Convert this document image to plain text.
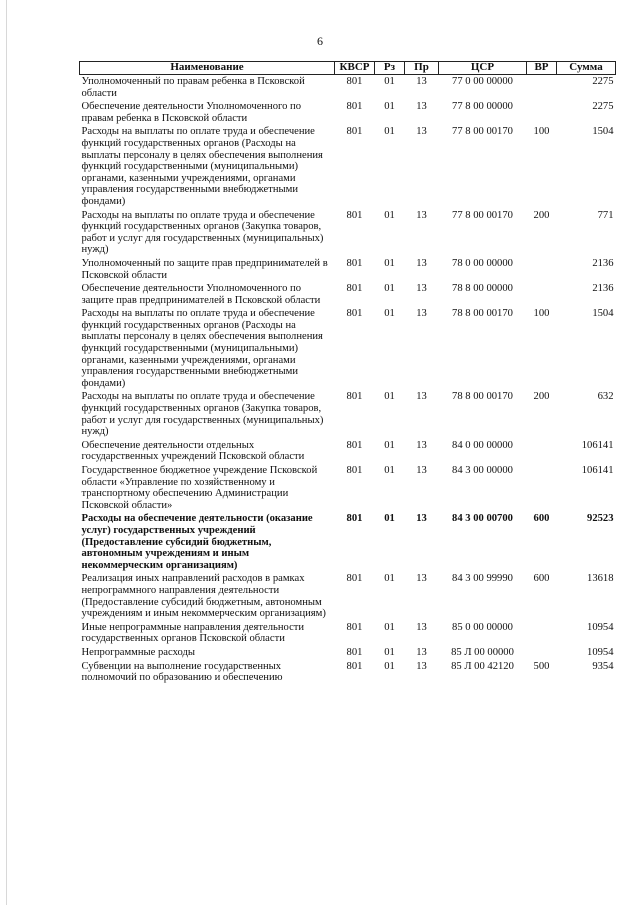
6
Наименование	КВСР	Рз	Пр	ЦСР	ВР	Сумма
Уполномоченный по правам ребенка в Псковской области	801	01	13	77 0 00 00000		2275
Обеспечение деятельности Уполномоченного по правам ребенка в Псковской области	801	01	13	77 8 00 00000		2275
Расходы на выплаты по оплате труда и обеспечение функций государственных органов (Расходы на выплаты персоналу в целях обеспечения выполнения функций государственными (муниципальными) органами, казенными учреждениями, органами управления государственными внебюджетными фондами)	801	01	13	77 8 00 00170	100	1504
Расходы на выплаты по оплате труда и обеспечение функций государственных органов (Закупка товаров, работ и услуг для государственных (муниципальных) нужд)	801	01	13	77 8 00 00170	200	771
Уполномоченный по защите прав предпринимателей в Псковской области	801	01	13	78 0 00 00000		2136
Обеспечение деятельности Уполномоченного по защите прав предпринимателей в Псковской области	801	01	13	78 8 00 00000		2136
Расходы на выплаты по оплате труда и обеспечение функций государственных органов (Расходы на выплаты персоналу в целях обеспечения выполнения функций государственными (муниципальными) органами, казенными учреждениями, органами управления государственными внебюджетными фондами)	801	01	13	78 8 00 00170	100	1504
Расходы на выплаты по оплате труда и обеспечение функций государственных органов (Закупка товаров, работ и услуг для государственных (муниципальных) нужд)	801	01	13	78 8 00 00170	200	632
Обеспечение деятельности отдельных государственных учреждений Псковской области	801	01	13	84 0 00 00000		106141
Государственное бюджетное учреждение Псковской области «Управление по хозяйственному и транспортному обеспечению Администрации Псковской области»	801	01	13	84 3 00 00000		106141
Расходы на обеспечение деятельности (оказание услуг) государственных учреждений (Предоставление субсидий бюджетным, автономным учреждениям и иным некоммерческим организациям)	801	01	13	84 3 00 00700	600	92523
Реализация иных направлений расходов в рамках непрограммного направления деятельности (Предоставление субсидий бюджетным, автономным учреждениям и иным некоммерческим организациям)	801	01	13	84 3 00 99990	600	13618
Иные непрограммные направления деятельности государственных органов Псковской области	801	01	13	85 0 00 00000		10954
Непрограммные расходы	801	01	13	85 Л 00 00000		10954
Субвенции на выполнение государственных полномочий по образованию и обеспечению	801	01	13	85 Л 00 42120	500	9354
